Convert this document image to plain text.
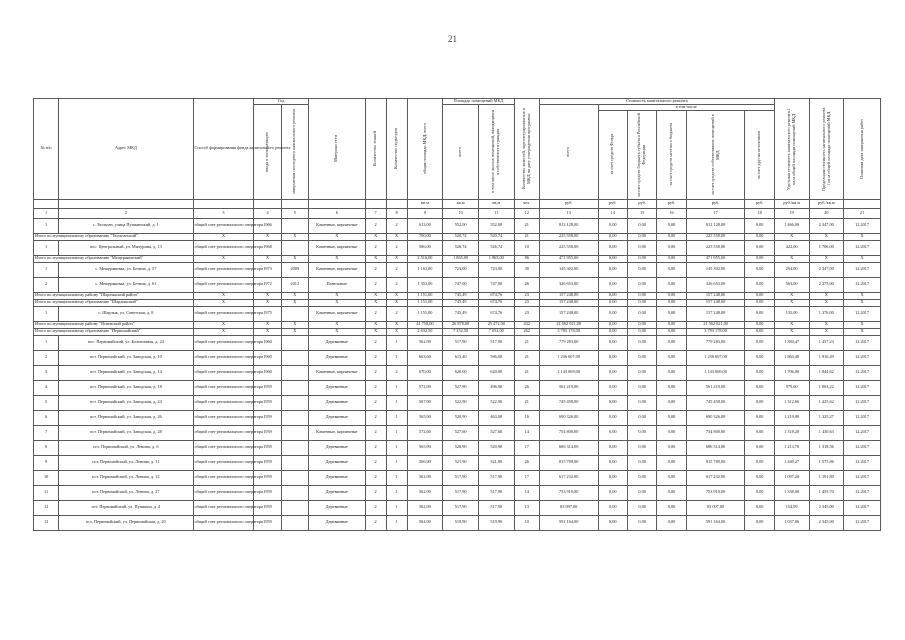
21
№ п/п	Адрес МКД	Способ формирования фонда капитального ремонта	Год		Материал стен	Количество этажей	Количество подъездов	общая площадь МКД, всего	Площадь помещений МКД		Количество жителей, зарегистрированных в МКД на дату утверждения программы	Стоимость капитального ремонта						Удельная стоимость капитального ремонта 1 кв.м общей площади помещений МКД	Предельная стоимость капитального ремонта 1 кв.м общей площади помещений МКД	Плановая дата завершения работ

			ввода в эксплуатацию	завершения последнего капитального ремонта					всего	в том числе жилых помещений, находящихся в собственности граждан		всего	в том числе							

													за счет средств Фонда	за счет средств бюджета субъекта Российской Федерации	за счет средств местного бюджета	за счет средств собственников помещений в МКД	за счет других источников			

								кв.м	кв.м	кв.м	чел.	руб.	руб.	руб.	руб.	руб.	руб.	руб./кв.м	руб./кв.м	
1	2	3	4	5	6	7	8	9	10	11	12	13	14	15	16	17	18	19	20	21
1	с. Тюльган, улица Пушкинский, д. 1	общий счет регионального оператора	1966		Каменные, кирпичные	2	2	613,00	552,00	552,00	21	812 128,00	0,00	0,00	0,00	812 128,00	0,00	1 466,00	2 347,00	12.2017
Итого по муниципальному образованию "Тюльганский"		X	X	X	X	X	X	700,00	520,74	520,74	21	225 558,00	0,00	0,00	0,00	225 558,00	0,00	X	X	X
1	пос. Центральный, ул. Мичурина, д. 13	общий счет регионального оператора	1968		Каменные, кирпичные	2	2	586,00	526,74	526,74	10	225 558,00	0,00	0,00	0,00	225 558,00	0,00	422,00	1 706,00	12.2017
Итого по муниципальному образованию "Мещеряковский"		X	X	X	X	X	X	2 516,00	1 865,00	1 865,00	86	471 955,00	0,00	0,00	0,00	471 955,00	0,00	X	X	X
1	с. Мещеряковка, ул. Бетина, д. 57	общий счет регионального оператора	1973	2009	Каменные, кирпичные	2	2	1 163,00	723,00	723,00	30	145 302,00	0,00	0,00	0,00	145 302,00	0,00	254,00	2 347,00	12.2017
2	с. Мещеряковка, ул. Бетина, д. 61	общий счет регионального оператора	1972	2012	Панельные	2	2	1 353,00	747,00	747,00	26	326 653,00	0,00	0,00	0,00	326 653,00	0,00	563,00	2 375,00	12.2017
Итого по муниципальному району "Шарлыкский район"		X	X	X	X	X	X	1 151,00	745,49	674,76	23	157 248,00	0,00	0,00	0,00	157 248,00	0,00	X	X	X
Итого по муниципальному образованию "Шарлыкский"		X	X	X	X	X	X	1 151,00	745,49	674,76	23	157 248,00	0,00	0,00	0,00	157 248,00	0,00	X	X	X
1	с. Шарлык, ул. Советская, д. 8	общий счет регионального оператора	1975		Каменные, кирпичные	2	2	1 151,00	745,49	674,76	23	157 248,00	0,00	0,00	0,00	157 248,00	0,00	135,00	1 376,00	12.2017
Итого по муниципальному району "Ясненский район"		X	X	X	X	X	X	41 750,00	26 878,00	25 472,00	432	21 562 021,00	0,00	0,00	0,00	21 562 021,00	0,00	X	X	X
Итого по муниципальному образованию "Первомайский"		X	X	X	X	X	X	2 632,50	7 252,50	7 052,00	262	3 783 178,00	0,00	0,00	0,00	3 783 178,00	0,00	X	X	X
1	пос. Первомайский, ул. Больничная, д. 24	общий счет регионального оператора	1960		Деревянные	2	1	562,90	517,90	517,90	21	779 283,00	0,00	0,00	0,00	779 283,00	0,00	1 384,47	1 457,23	12.2017
2	пст. Первомайский, ул. Заводская, д. 10	общий счет регионального оператора	1960		Деревянные	2	1	663,60	613,40	586,00	21	1 236 607,00	0,00	0,00	0,00	1 236 607,00	0,00	1 863,48	1 916,49	12.2017
3	пст. Первомайский, ул. Заводская, д. 14	общий счет регионального оператора	1960		Каменные, кирпичные	2	2	670,00	620,00	620,00	21	1 143 069,00	0,00	0,00	0,00	1 143 069,00	0,00	1 706,00	1 844,62	12.2017
4	пст. Первомайский, ул. Заводская, д. 18	общий счет регионального оператора	1959		Деревянные	2	1	572,90	527,90	496,90	26	561 219,00	0,00	0,00	0,00	561 219,00	0,00	979,60	1 063,22	12.2017
5	пст. Первомайский, ул. Заводская, д. 24	общий счет регионального оператора	1959		Деревянные	2	1	567,90	522,90	522,90	21	745 458,00	0,00	0,00	0,00	745 458,00	0,00	1 312,66	1 425,62	12.2017
6	пст. Первомайский, ул. Заводская, д. 26	общий счет регионального оператора	1959		Деревянные	2	1	565,90	520,90	463,00	16	690 326,00	0,00	0,00	0,00	690 326,00	0,00	1 219,90	1 325,27	12.2017
7	пст. Первомайский, ул. Заводская, д. 28	общий счет регионального оператора	1959		Каменные, кирпичные	2	1	572,60	527,60	527,60	14	754 800,00	0,00	0,00	0,00	754 800,00	0,00	1 318,20	1 430,63	12.2017
8	пст. Первомайский, ул. Ленина, д. 6	общий счет регионального оператора	1959		Деревянные	2	1	565,90	520,90	520,90	17	686 314,00	0,00	0,00	0,00	686 314,00	0,00	1 213,78	1 318,56	12.2017
9	пст. Первомайский, ул. Ленина, д. 11	общий счет регионального оператора	1959		Деревянные	2	1	566,90	521,90	521,90	26	815 789,00	0,00	0,00	0,00	815 789,00	0,00	1 440,27	1 575,86	12.2017
10	пст. Первомайский, ул. Ленина, д. 12	общий счет регионального оператора	1959		Деревянные	2	1	562,90	517,90	517,90	17	617 232,00	0,00	0,00	0,00	617 232,00	0,00	1 097,20	1 191,80	12.2017
11	пст. Первомайский, ул. Ленина, д. 27	общий счет регионального оператора	1959		Деревянные	2	1	562,90	517,90	517,90	14	753 910,00	0,00	0,00	0,00	753 910,00	0,00	1 338,00	1 455,70	12.2017
12	пст. Первомайский, ул. Пушкина, д. 4	общий счет регионального оператора	1959		Деревянные	2	1	562,90	517,90	517,90	13	83 097,00	0,00	0,00	0,00	83 097,00	0,00	154,99	2 345,00	12.2017
13	пст. Первомайский, ул. Первомайская, д. 20	общий счет регионального оператора	1959		Деревянные	2	1	564,90	519,90	519,90	10	591 164,00	0,00	0,00	0,00	591 164,00	0,00	1 037,06	2 345,00	12.2017
